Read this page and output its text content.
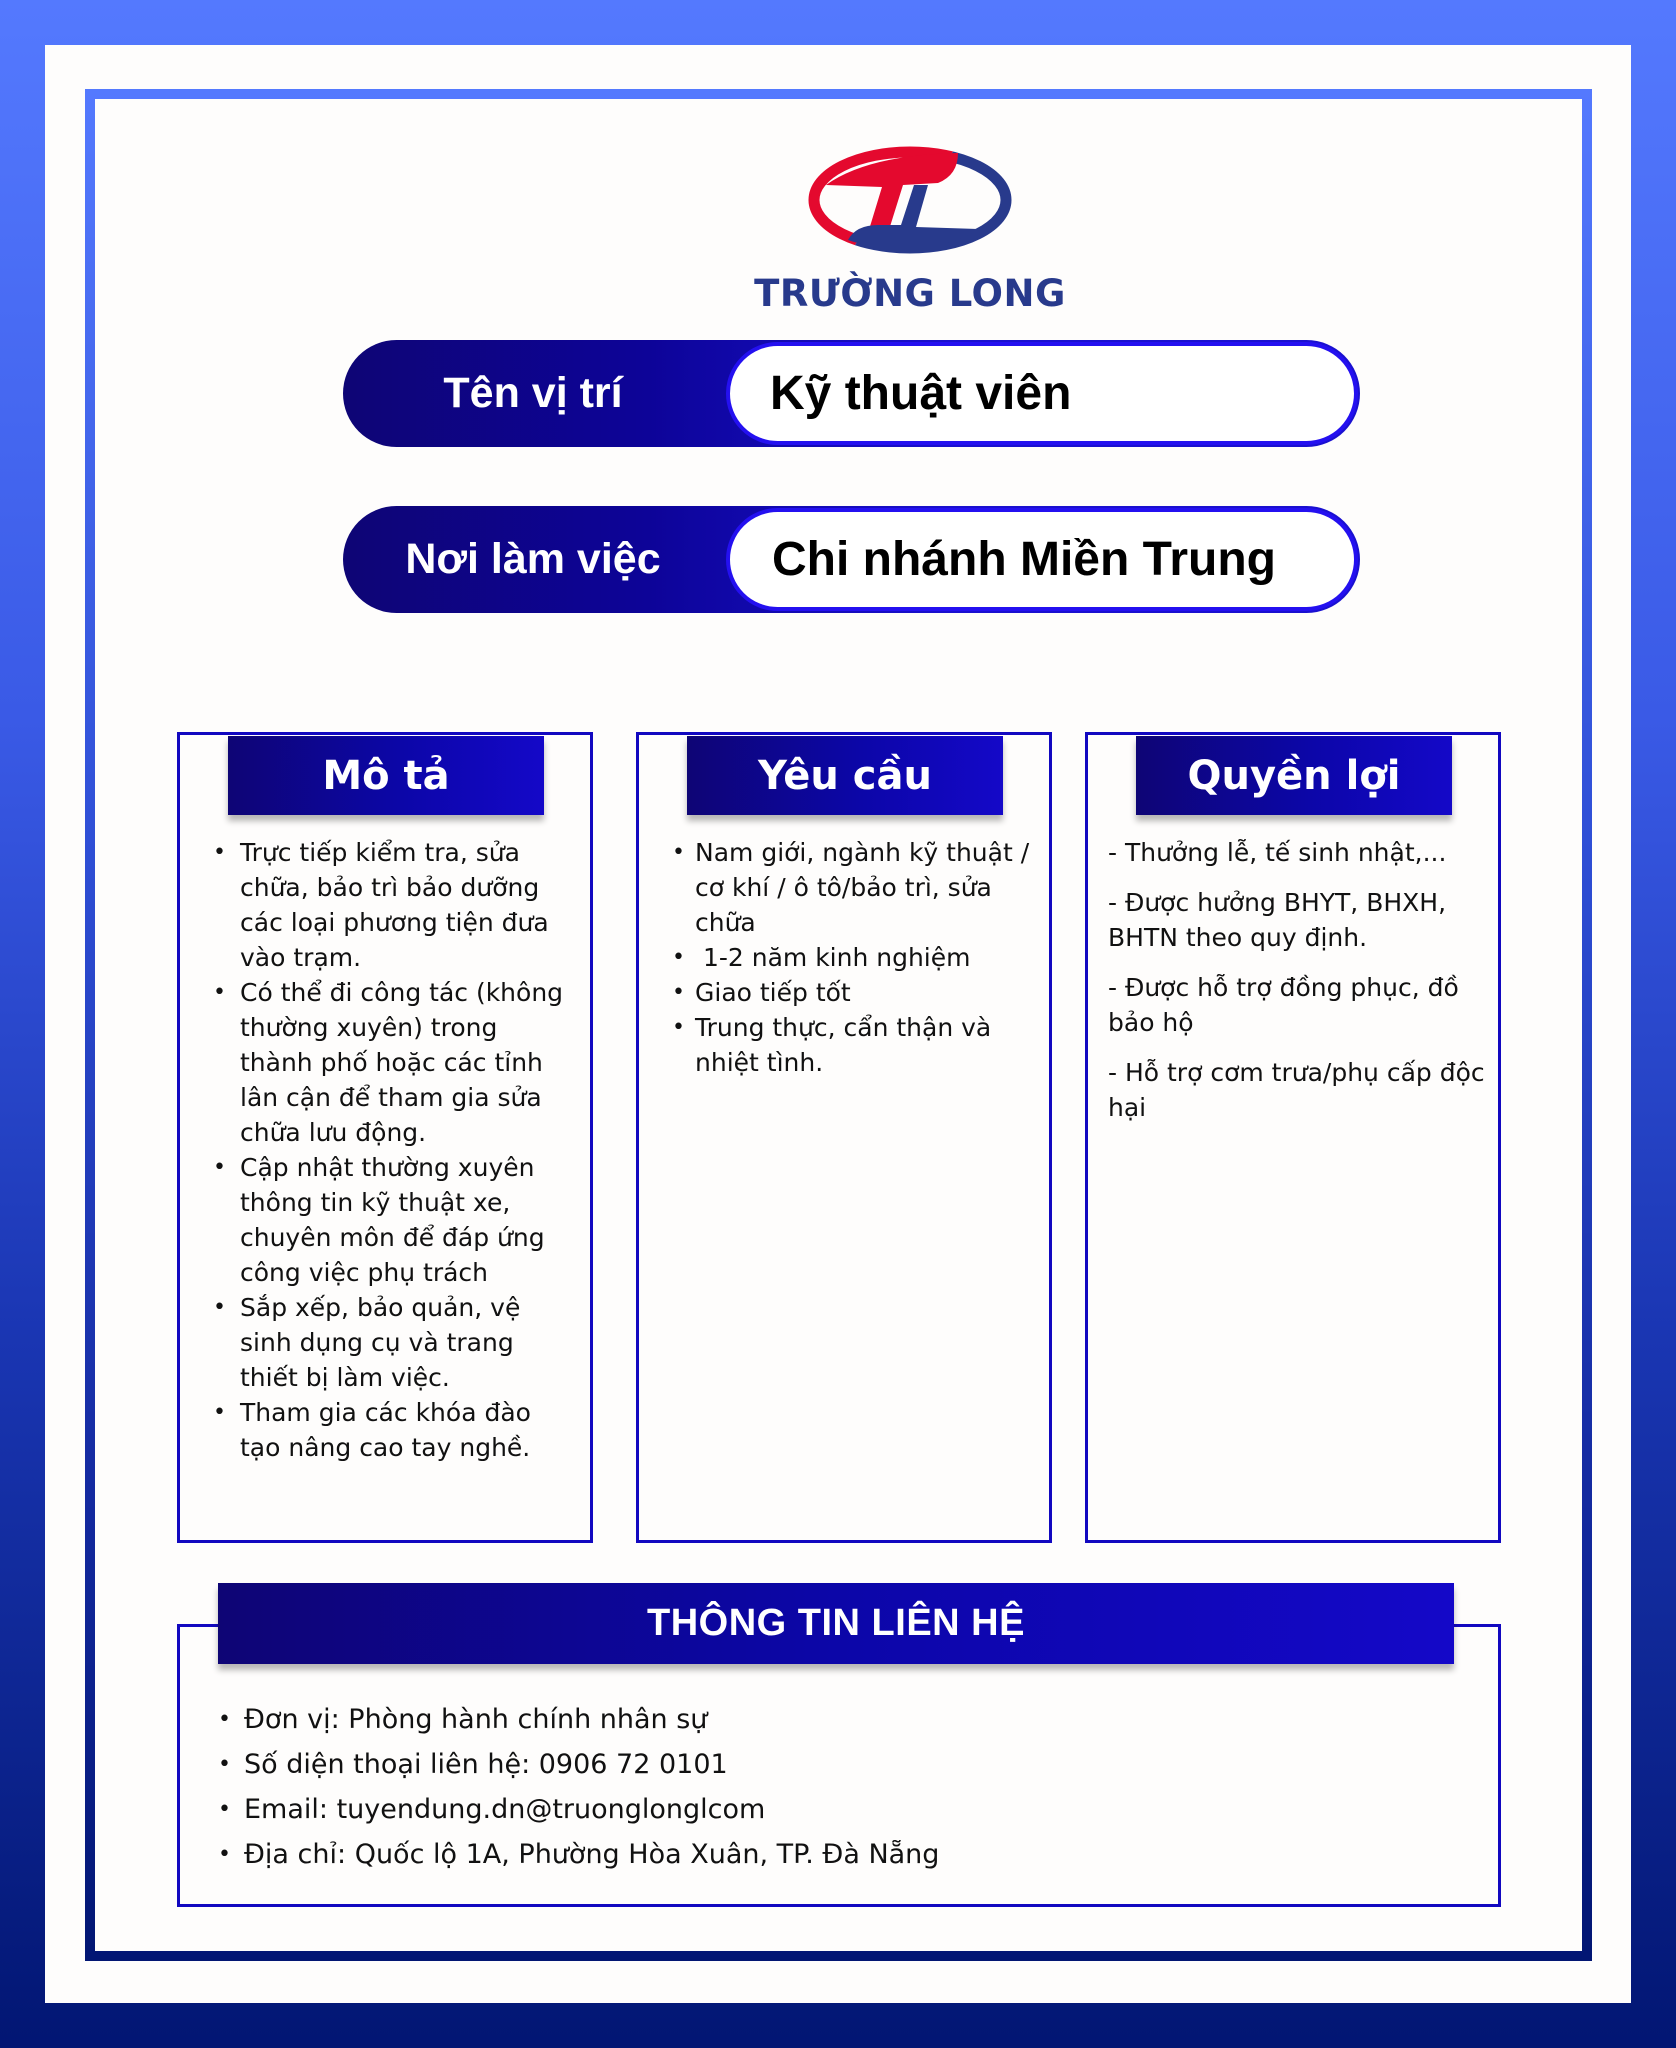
TRƯỜNG LONG
Tên vị trí	Kỹ thuật viên
Nơi làm việc	Chi nhánh Miền Trung
Mô tả
• Trực tiếp kiểm tra, sửa chữa, bảo trì bảo dưỡng các loại phương tiện đưa vào trạm.
• Có thể đi công tác (không thường xuyên) trong thành phố hoặc các tỉnh lân cận để tham gia sửa chữa lưu động.
• Cập nhật thường xuyên thông tin kỹ thuật xe, chuyên môn để đáp ứng công việc phụ trách
• Sắp xếp, bảo quản, vệ sinh dụng cụ và trang thiết bị làm việc.
• Tham gia các khóa đào tạo nâng cao tay nghề.
Yêu cầu
• Nam giới, ngành kỹ thuật / cơ khí / ô tô/bảo trì, sửa chữa
•  1-2 năm kinh nghiệm
• Giao tiếp tốt
• Trung thực, cẩn thận và nhiệt tình.
Quyền lợi

- Thưởng lễ, tế sinh nhật,...

- Được hưởng BHYT, BHXH, BHTN theo quy định.

- Được hỗ trợ đồng phục, đồ bảo hộ

- Hỗ trợ cơm trưa/phụ cấp độc hại

THÔNG TIN LIÊN HỆ
• Đơn vị: Phòng hành chính nhân sự
• Số diện thoại liên hệ: 0906 72 0101
• Email: tuyendung.dn@truonglonglcom
• Địa chỉ: Quốc lộ 1A, Phường Hòa Xuân, TP. Đà Nẵng
